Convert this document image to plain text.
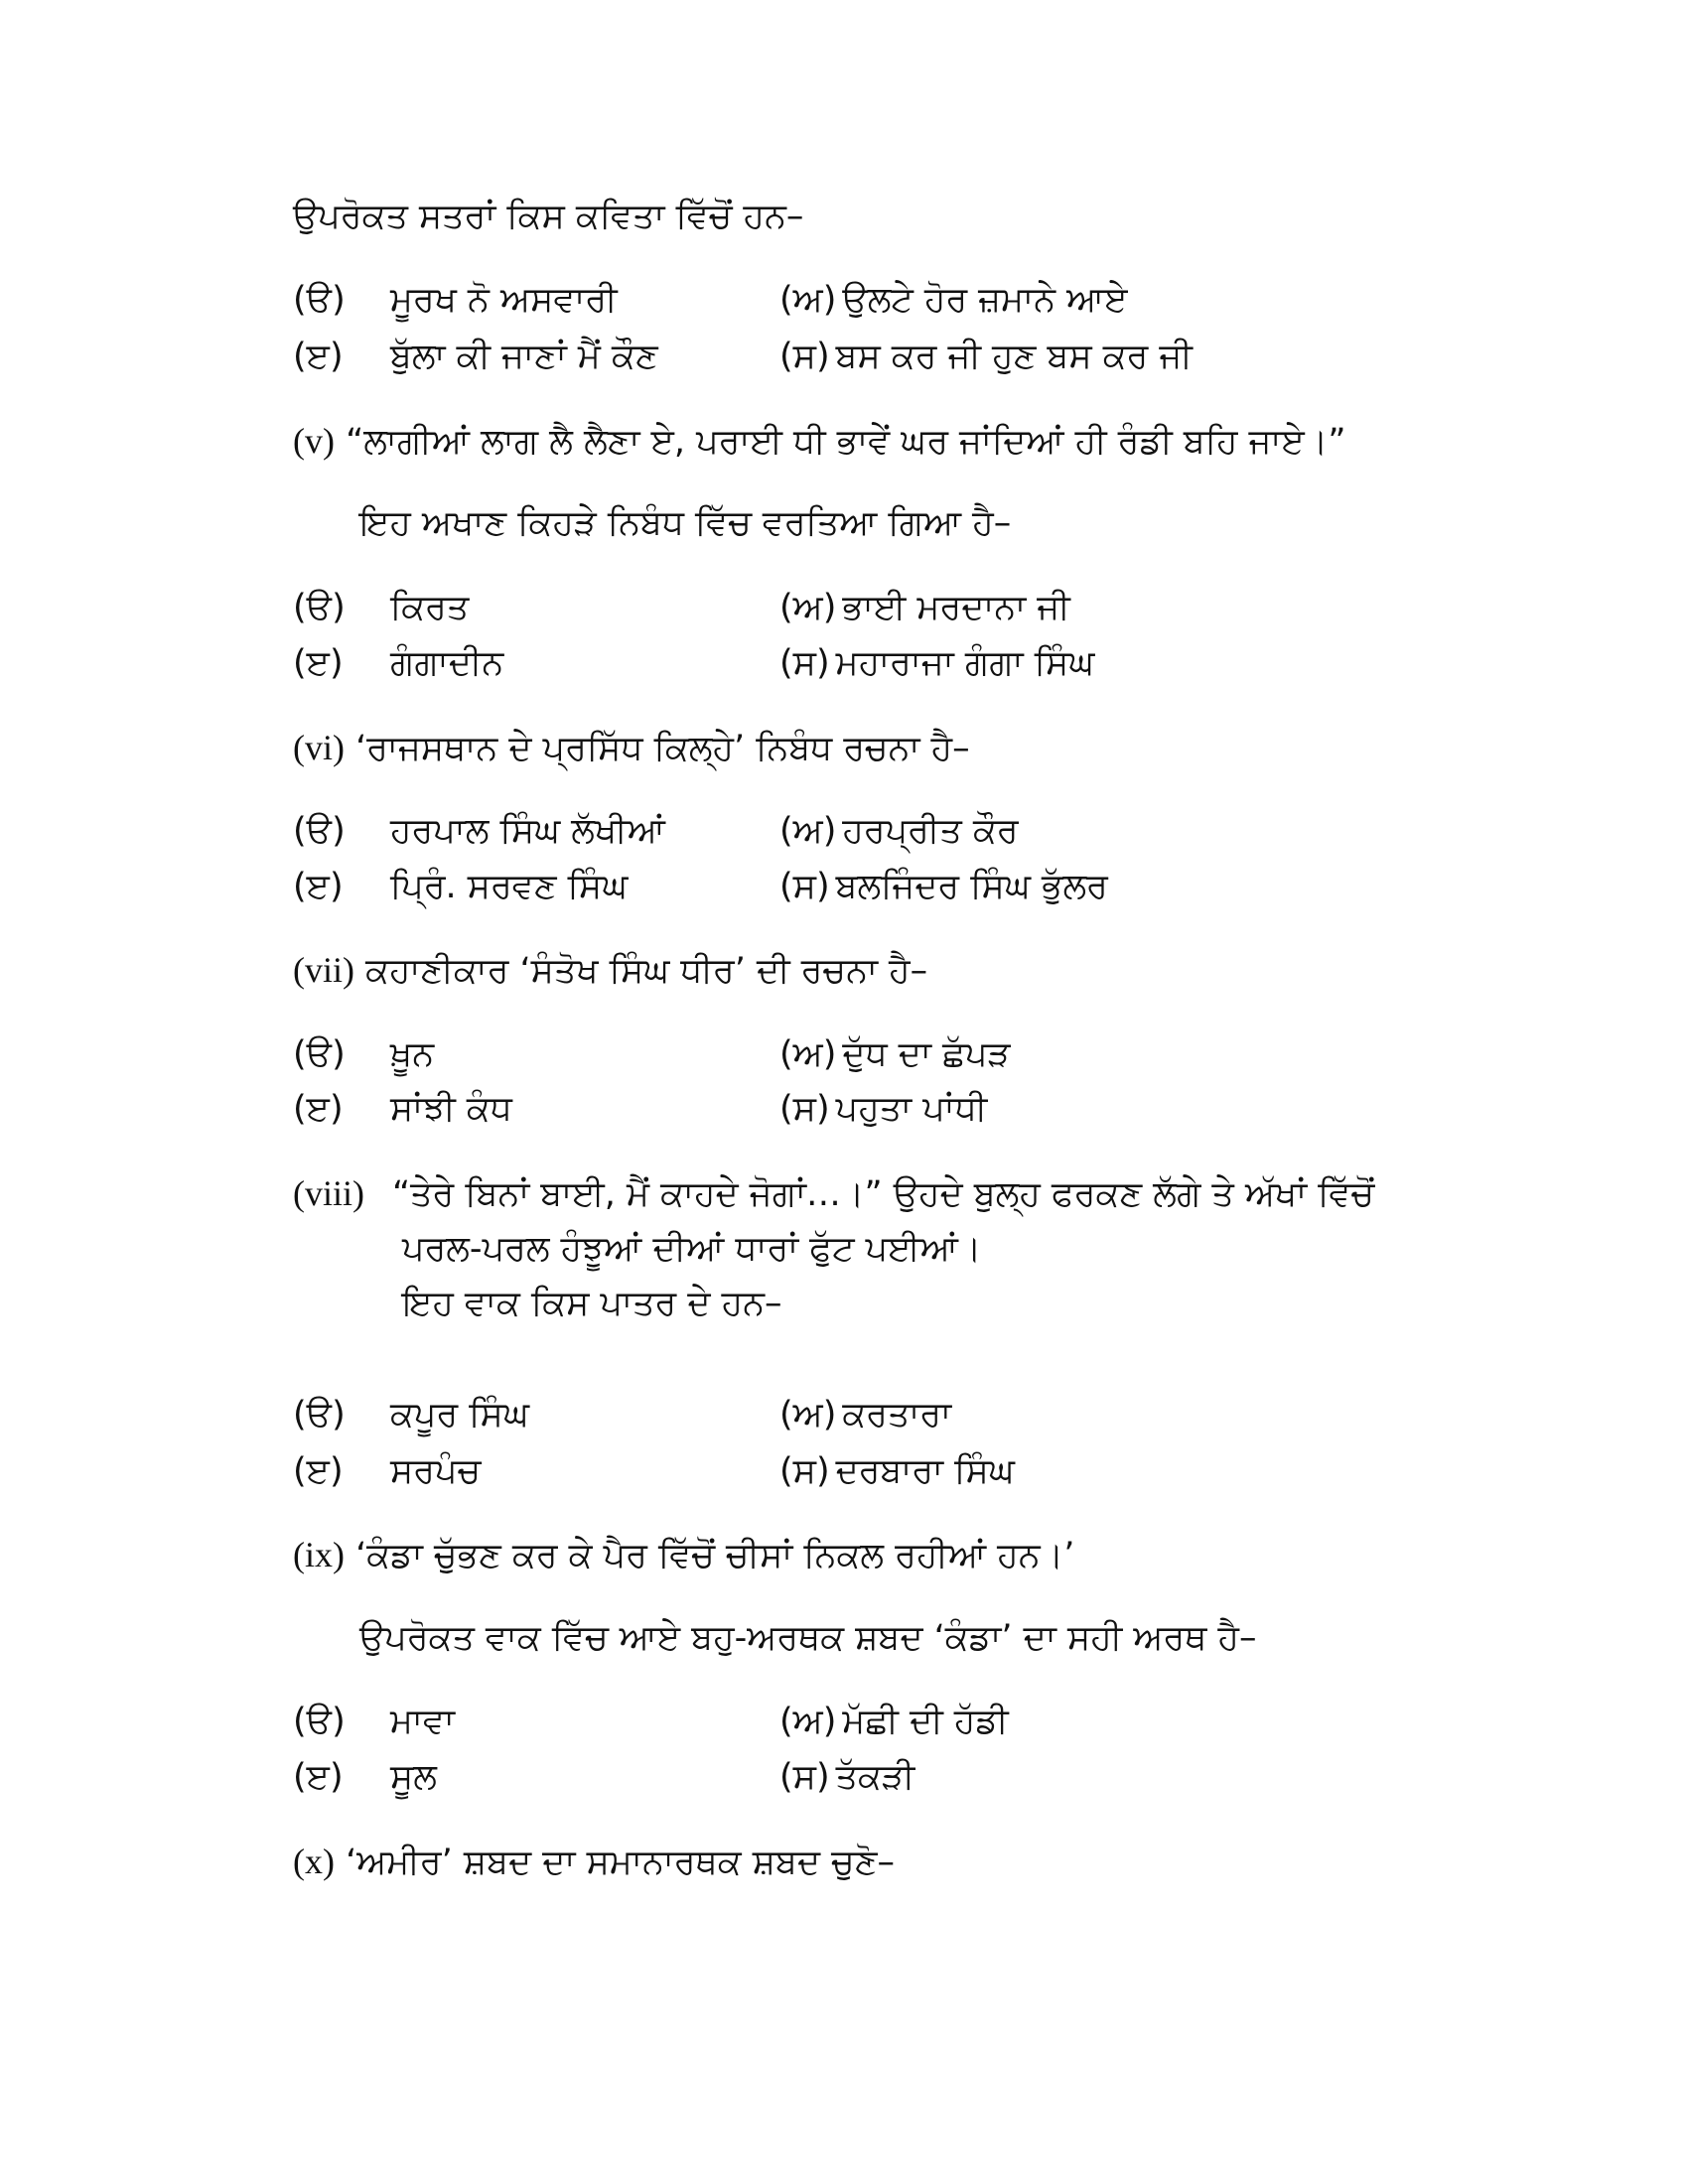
ਉਪਰੋਕਤ ਸਤਰਾਂ ਕਿਸ ਕਵਿਤਾ ਵਿੱਚੋਂ ਹਨ–
(ੳ) ਮੂਰਖ ਨੋ ਅਸਵਾਰੀ	(ਅ) ਉਲਟੇ ਹੋਰ ਜ਼ਮਾਨੇ ਆਏ
(ੲ) ਬੁੱਲਾ ਕੀ ਜਾਣਾਂ ਮੈਂ ਕੌਣ	(ਸ) ਬਸ ਕਰ ਜੀ ਹੁਣ ਬਸ ਕਰ ਜੀ
(v) “ਲਾਗੀਆਂ ਲਾਗ ਲੈ ਲੈਣਾ ਏ, ਪਰਾਈ ਧੀ ਭਾਵੇਂ ਘਰ ਜਾਂਦਿਆਂ ਹੀ ਰੰਡੀ ਬਹਿ ਜਾਏ।”
ਇਹ ਅਖਾਣ ਕਿਹੜੇ ਨਿਬੰਧ ਵਿੱਚ ਵਰਤਿਆ ਗਿਆ ਹੈ–
(ੳ) ਕਿਰਤ	(ਅ) ਭਾਈ ਮਰਦਾਨਾ ਜੀ
(ੲ) ਗੰਗਾਦੀਨ	(ਸ) ਮਹਾਰਾਜਾ ਗੰਗਾ ਸਿੰਘ
(vi) ‘ਰਾਜਸਥਾਨ ਦੇ ਪ੍ਰਸਿੱਧ ਕਿਲ੍ਹੇ’ ਨਿਬੰਧ ਰਚਨਾ ਹੈ–
(ੳ) ਹਰਪਾਲ ਸਿੰਘ ਲੱਖੀਆਂ	(ਅ) ਹਰਪ੍ਰੀਤ ਕੌਰ
(ੲ) ਪ੍ਰਿੰ. ਸਰਵਣ ਸਿੰਘ	(ਸ) ਬਲਜਿੰਦਰ ਸਿੰਘ ਭੁੱਲਰ
(vii) ਕਹਾਣੀਕਾਰ ‘ਸੰਤੋਖ ਸਿੰਘ ਧੀਰ’ ਦੀ ਰਚਨਾ ਹੈ–
(ੳ) ਖ਼ੂਨ	(ਅ) ਦੁੱਧ ਦਾ ਛੱਪੜ
(ੲ) ਸਾਂਝੀ ਕੰਧ	(ਸ) ਪਹੁਤਾ ਪਾਂਧੀ
(viii) “ਤੇਰੇ ਬਿਨਾਂ ਬਾਈ, ਮੈਂ ਕਾਹਦੇ ਜੋਗਾਂ…।” ਉਹਦੇ ਬੁਲ੍ਹ ਫਰਕਣ ਲੱਗੇ ਤੇ ਅੱਖਾਂ ਵਿੱਚੋਂ
ਪਰਲ-ਪਰਲ ਹੰਝੂਆਂ ਦੀਆਂ ਧਾਰਾਂ ਫੁੱਟ ਪਈਆਂ।
ਇਹ ਵਾਕ ਕਿਸ ਪਾਤਰ ਦੇ ਹਨ–
(ੳ) ਕਪੂਰ ਸਿੰਘ	(ਅ) ਕਰਤਾਰਾ
(ੲ) ਸਰਪੰਚ	(ਸ) ਦਰਬਾਰਾ ਸਿੰਘ
(ix) ‘ਕੰਡਾ ਚੁੱਭਣ ਕਰ ਕੇ ਪੈਰ ਵਿੱਚੋਂ ਚੀਸਾਂ ਨਿਕਲ ਰਹੀਆਂ ਹਨ।’
ਉਪਰੋਕਤ ਵਾਕ ਵਿੱਚ ਆਏ ਬਹੁ-ਅਰਥਕ ਸ਼ਬਦ ‘ਕੰਡਾ’ ਦਾ ਸਹੀ ਅਰਥ ਹੈ–
(ੳ) ਮਾਵਾ	(ਅ) ਮੱਛੀ ਦੀ ਹੱਡੀ
(ੲ) ਸੂਲ	(ਸ) ਤੱਕੜੀ
(x) ‘ਅਮੀਰ’ ਸ਼ਬਦ ਦਾ ਸਮਾਨਾਰਥਕ ਸ਼ਬਦ ਚੁਣੋ–
